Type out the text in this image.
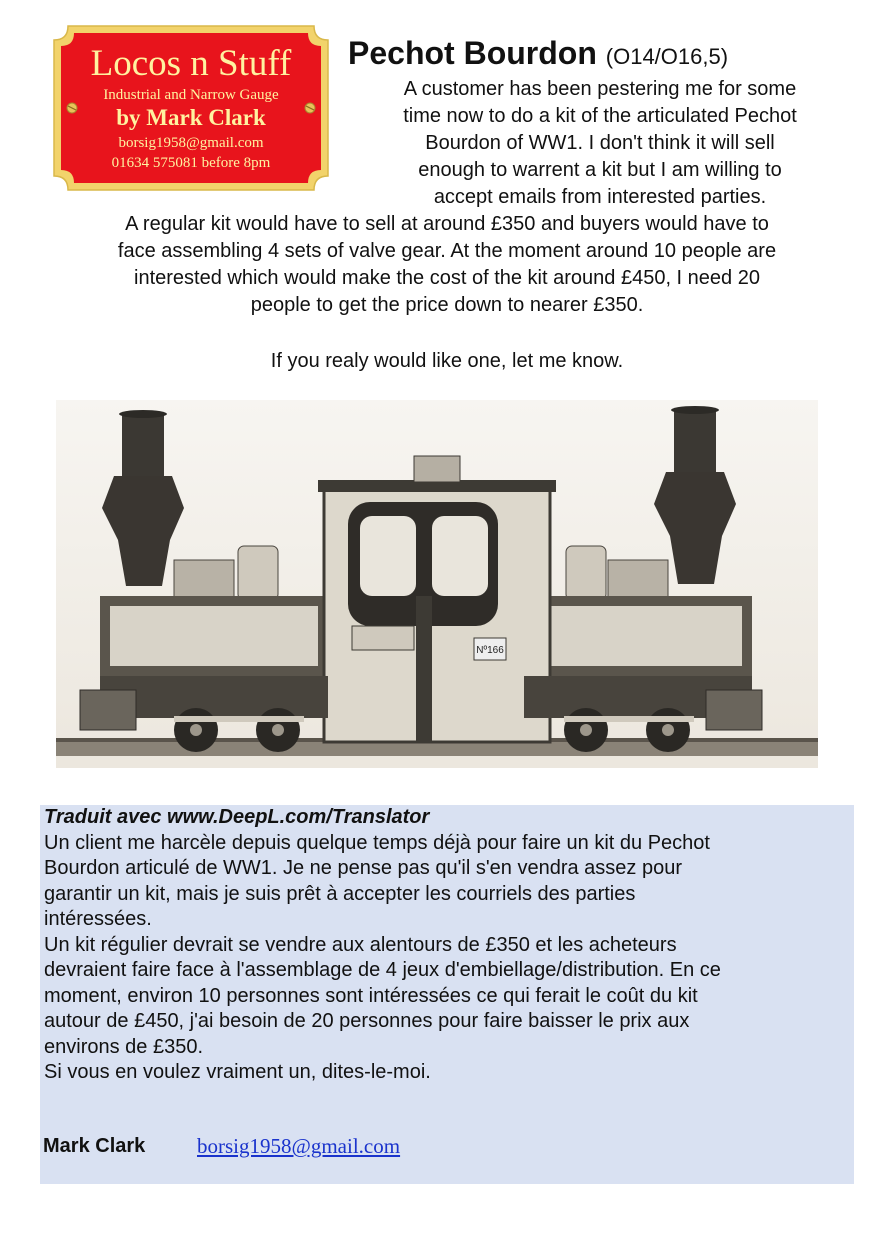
Locos n Stuff
Industrial and Narrow Gauge
by Mark Clark
borsig1958@gmail.com
01634 575081 before 8pm
Pechot Bourdon (O14/O16,5)
A customer has been pestering me for some
time now to do a kit of the articulated Pechot
Bourdon of WW1. I don't think it will sell
enough to warrent a kit but I am willing to
accept emails from interested parties.
A regular kit would have to sell at around £350 and buyers would have to
face assembling 4 sets of valve gear. At the moment around 10 people are
interested which would make the cost of the kit around £450, I need 20
people to get the price down to nearer £350.
If you realy would like one, let me know.
Nº166
Traduit avec www.DeepL.com/Translator
Un client me harcèle depuis quelque temps déjà pour faire un kit du Pechot
Bourdon articulé de WW1. Je ne pense pas qu'il s'en vendra assez pour
garantir un kit, mais je suis prêt à accepter les courriels des parties
intéressées.
Un kit régulier devrait se vendre aux alentours de £350 et les acheteurs
devraient faire face à l'assemblage de 4 jeux d'embiellage/distribution. En ce
moment, environ 10 personnes sont intéressées ce qui ferait le coût du kit
autour de £450, j'ai besoin de 20 personnes pour faire baisser le prix aux
environs de £350.
Si vous en voulez vraiment un, dites-le-moi.
Mark Clark borsig1958@gmail.com
